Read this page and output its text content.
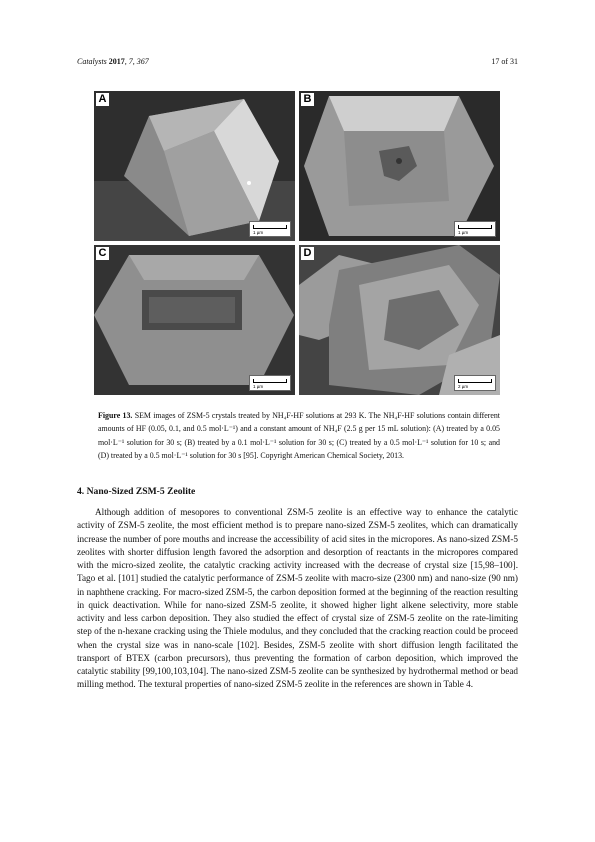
Catalysts 2017, 7, 367	17 of 31
A
1 µm
B
1 µm
C
1 µm
D
2 µm
Figure 13. SEM images of ZSM-5 crystals treated by NH₄F-HF solutions at 293 K. The NH₄F-HF solutions contain different amounts of HF (0.05, 0.1, and 0.5 mol·L⁻¹) and a constant amount of NH₄F (2.5 g per 15 mL solution): (A) treated by a 0.05 mol·L⁻¹ solution for 30 s; (B) treated by a 0.1 mol·L⁻¹ solution for 30 s; (C) treated by a 0.5 mol·L⁻¹ solution for 10 s; and (D) treated by a 0.5 mol·L⁻¹ solution for 30 s [95]. Copyright American Chemical Society, 2013.
4. Nano-Sized ZSM-5 Zeolite
Although addition of mesopores to conventional ZSM-5 zeolite is an effective way to enhance the catalytic activity of ZSM-5 zeolite, the most efficient method is to prepare nano-sized ZSM-5 zeolites, which can dramatically increase the number of pore mouths and increase the accessibility of acid sites in the micropores. As nano-sized ZSM-5 zeolites with shorter diffusion length favored the adsorption and desorption of reactants in the micropores compared with the micro-sized zeolite, the catalytic cracking activity increased with the decrease of crystal size [15,98–100]. Tago et al. [101] studied the catalytic performance of ZSM-5 zeolite with macro-size (2300 nm) and nano-size (90 nm) in naphthene cracking. For macro-sized ZSM-5, the carbon deposition formed at the beginning of the reaction resulting in quick deactivation. While for nano-sized ZSM-5 zeolite, it showed higher light alkene selectivity, more stable activity and less carbon deposition. They also studied the effect of crystal size of ZSM-5 zeolite on the rate-limiting step of the n-hexane cracking using the Thiele modulus, and they concluded that the cracking reaction could be proceed when the crystal size was in nano-scale [102]. Besides, ZSM-5 zeolite with short diffusion length facilitated the transport of BTEX (carbon precursors), thus preventing the formation of carbon deposition, which improved the catalytic stability [99,100,103,104]. The nano-sized ZSM-5 zeolite can be synthesized by hydrothermal method or bead milling method. The textural properties of nano-sized ZSM-5 zeolite in the references are shown in Table 4.
